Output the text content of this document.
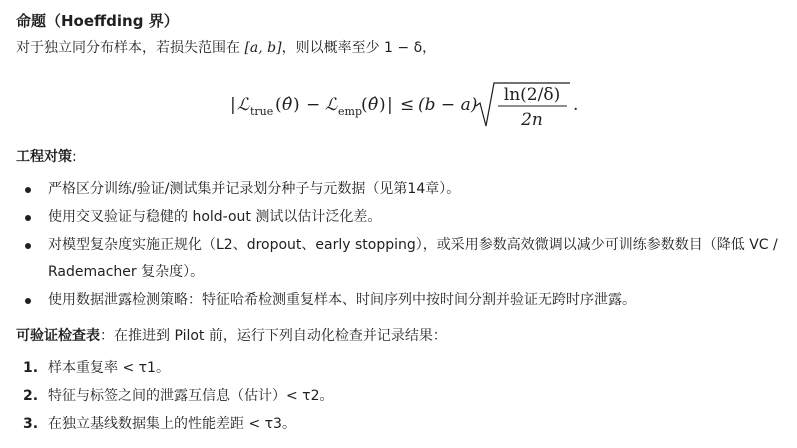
命题（Hoeffding 界）
对于独立同分布样本，若损失范围在 [a, b]，则以概率至少 1 − δ，
| ℒ true ( θ̂ ) − ℒ emp ( θ̂ ) | ≤ (b − a) ln(2/δ)
2n
.
工程对策:
严格区分训练/验证/测试集并记录划分种子与元数据（见第14章）。
使用交叉验证与稳健的 hold-out 测试以估计泛化差。
对模型复杂度实施正规化（L2、dropout、early stopping），或采用参数高效微调以减少可训练参数数目（降低 VC / Rademacher 复杂度）。
使用数据泄露检测策略：特征哈希检测重复样本、时间序列中按时间分割并验证无跨时序泄露。
可验证检查表：在推进到 Pilot 前，运行下列自动化检查并记录结果：
1. 样本重复率 < τ1。
2. 特征与标签之间的泄露互信息（估计）< τ2。
3. 在独立基线数据集上的性能差距 < τ3。
